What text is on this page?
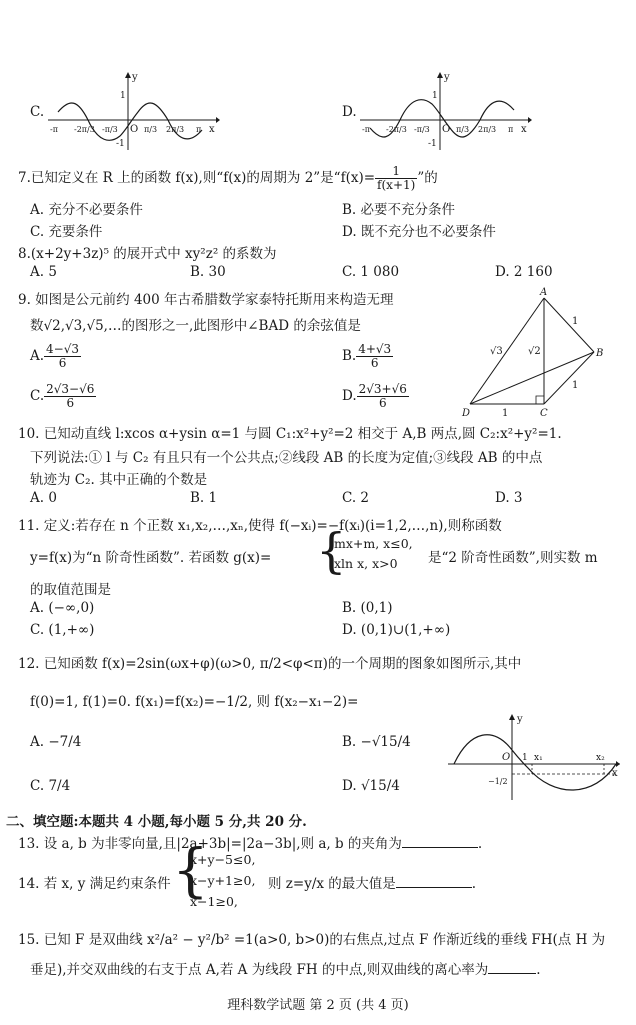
C.
y
x
O
1
-1
-π -2π/3 -π/3	π/3 2π/3 π
D.
y
x
O
1
-1
-π -2π/3 -π/3	π/3 2π/3 π
7.已知定义在 R 上的函数 f(x),则“f(x)的周期为 2”是“$f(x)= \frac{1}{f(x+1)}$ ”的
A. 充分不必要条件	B. 必要不充分条件
C. 充要条件	D. 既不充分也不必要条件
8.(x+2y+3z)⁵ 的展开式中 xy²z² 的系数为
A. 5	B. 30	C. 1 080	D. 2 160
9. 如图是公元前约 400 年古希腊数学家泰特托斯用来构造无理
数√2,√3,√5,…的图形之一,此图形中∠BAD 的余弦值是
A. $\frac{4-√3}{6}$	B. $\frac{4+√3}{6}$
C. $\frac{2√3-√6}{6}$	D. $\frac{2√3+√6}{6}$
A
B
C
D
√3	√2
1
1
1
10. 已知动直线 l:xcos α+ysin α=1 与圆 C₁:x²+y²=2 相交于 A,B 两点,圆 C₂:x²+y²=1.
下列说法:① l 与 C₂ 有且只有一个公共点;②线段 AB 的长度为定值;③线段 AB 的中点
轨迹为 C₂. 其中正确的个数是
A. 0	B. 1	C. 2	D. 3
11. 定义:若存在 n 个正数 x₁,x₂,…,xₙ,使得 f(−xᵢ)=−f(xᵢ)(i=1,2,…,n),则称函数
y=f(x)为“n 阶奇性函数”. 若函数 g(x)= {
mx+m, x≤0,
xln x, x>0 是“2 阶奇性函数”,则实数 m
的取值范围是
A. (−∞,0)	B. (0,1)
C. (1,+∞)	D. (0,1)∪(1,+∞)
12. 已知函数 f(x)=2sin(ωx+φ)(ω>0, π/2<φ<π)的一个周期的图象如图所示,其中
f(0)=1, f(1)=0. f(x₁)=f(x₂)=−1/2, 则 f(x₂−x₁−2)=
A. −7/4	B. −√15/4
C. 7/4	D. √15/4
y
x
O 1 x₁	x₂
−1/2
二、填空题:本题共 4 小题,每小题 5 分,共 20 分.
13. 设 a, b 为非零向量,且|2a+3b|=|2a−3b|,则 a, b 的夹角为	.
14. 若 x, y 满足约束条件 {
x+y−5≤0,
x−y+1≥0,
x−1≥0,
则 z=y/x 的最大值是	.
15. 已知 F 是双曲线 x²/a² − y²/b² =1(a>0, b>0)的右焦点,过点 F 作渐近线的垂线 FH(点 H 为
垂足),并交双曲线的右支于点 A,若 A 为线段 FH 的中点,则双曲线的离心率为	.
理科数学试题 第 2 页 (共 4 页)
